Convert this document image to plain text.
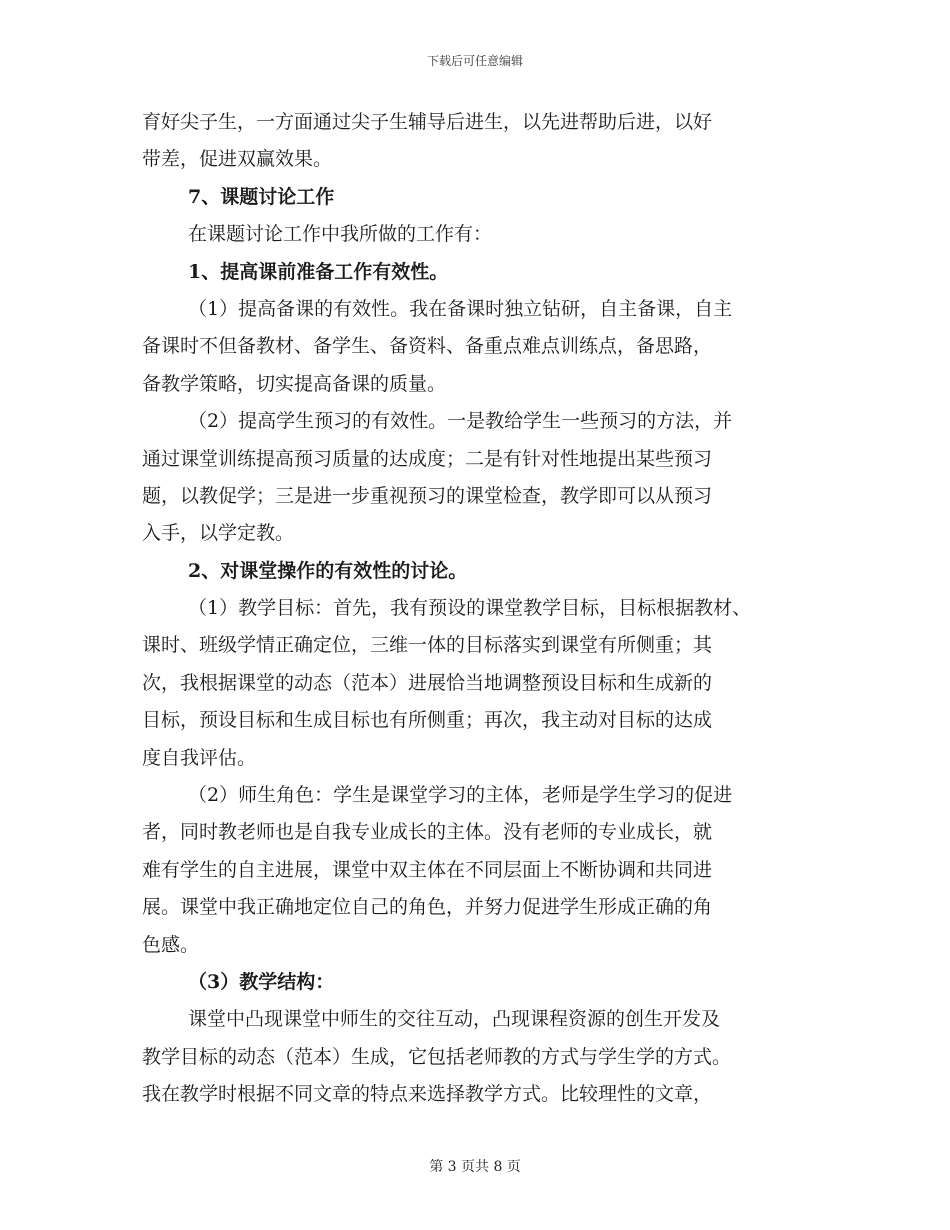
下载后可任意编辑
育好尖子生，一方面通过尖子生辅导后进生，以先进帮助后进，以好
带差，促进双赢效果。
7、课题讨论工作
在课题讨论工作中我所做的工作有：
1、提高课前准备工作有效性。
（1）提高备课的有效性。我在备课时独立钻研，自主备课，自主
备课时不但备教材、备学生、备资料、备重点难点训练点，备思路，
备教学策略，切实提高备课的质量。
（2）提高学生预习的有效性。一是教给学生一些预习的方法，并
通过课堂训练提高预习质量的达成度；二是有针对性地提出某些预习
题，以教促学；三是进一步重视预习的课堂检查，教学即可以从预习
入手，以学定教。
2、对课堂操作的有效性的讨论。
（1）教学目标：首先，我有预设的课堂教学目标，目标根据教材、
课时、班级学情正确定位，三维一体的目标落实到课堂有所侧重；其
次，我根据课堂的动态（范本）进展恰当地调整预设目标和生成新的
目标，预设目标和生成目标也有所侧重；再次，我主动对目标的达成
度自我评估。
（2）师生角色：学生是课堂学习的主体，老师是学生学习的促进
者，同时教老师也是自我专业成长的主体。没有老师的专业成长，就
难有学生的自主进展，课堂中双主体在不同层面上不断协调和共同进
展。课堂中我正确地定位自己的角色，并努力促进学生形成正确的角
色感。
（3）教学结构：
课堂中凸现课堂中师生的交往互动，凸现课程资源的创生开发及
教学目标的动态（范本）生成，它包括老师教的方式与学生学的方式。
我在教学时根据不同文章的特点来选择教学方式。比较理性的文章，
第 3 页共 8 页
